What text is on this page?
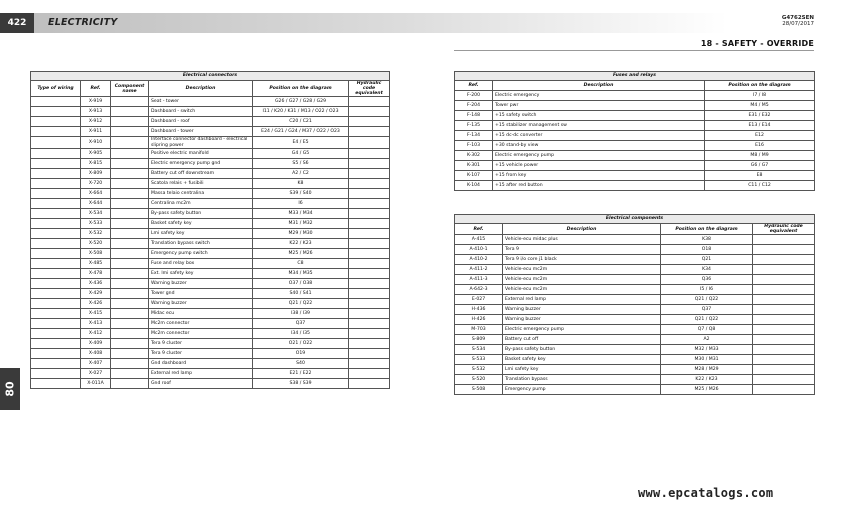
422	ELECTRICITY	G4762SEN
28/07/2017
18 - SAFETY - OVERRIDE
80
Electrical connectors					
Type of wiring	Ref.	Component name	Description	Position on the diagram	Hydraulic code equivalent
	X-919		Seat - tower	G26 / G27 / G28 / G29	
	X-913		Dashboard - switch	I11 / K20 / K31 / M13 / O22 / O23	
	X-912		Dashboard - roof	C20 / C21	
	X-911		Dashboard - tower	E24 / G21 / G24 / M37 / O22 / O23	
	X-910		Interface connector dashboard - electrical slipring power	E4 / E5	
	X-905		Positive electric manifold	G4 / G5	
	X-815		Electric emergency pump gnd	S5 / S6	
	X-809		Battery cut off downstream	A2 / C2	
	X-720		Scatola relais + fusibili	K8	
	X-664		Massa telaio centralina	S39 / S40	
	X-644		Centralina mc2m	I6	
	X-534		By-pass safety button	M33 / M34	
	X-533		Basket safety key	M31 / M32	
	X-532		Lmi safety key	M29 / M30	
	X-520		Translation bypass switch	K22 / K23	
	X-508		Emergency pump switch	M25 / M26	
	X-485		Fuse and relay box	C8	
	X-478		Ext. lmi safety key	M34 / M35	
	X-436		Warning buzzer	O37 / O38	
	X-429		Tower gnd	S40 / S41	
	X-426		Warning buzzer	Q21 / Q22	
	X-415		Midac ecu	I38 / I39	
	X-413		Mc2m connector	Q37	
	X-412		Mc2m connector	I34 / I35	
	X-409		Tera 9 cluster	O21 / O22	
	X-408		Tera 9 cluster	O19	
	X-407		Gnd dashboard	S40	
	X-027		External red lamp	E21 / E22	
	X-011A		Gnd roof	S38 / S39	
Fuses and relays		
Ref.	Description	Position on the diagram
F-200	Electric emergency	I7 / I8
F-204	Tower pwr	M4 / M5
F-148	+15 safety switch	E31 / E32
F-135	+15 stabilizer management sw	E13 / E14
F-134	+15 dc-dc converter	E12
F-103	+30 stand-by view	E16
K-302	Electric emergency pump	M8 / M9
K-301	+15 vehicle power	G6 / G7
K-107	+15 from key	E8
K-104	+15 after red button	C11 / C12
Electrical components			
Ref.	Description	Position on the diagram	Hydraulic code equivalent
A-415	Vehicle-ecu midac plus	K38	
A-410-1	Tera 9	O18	
A-410-2	Tera 9 i/o core j1 black	Q21	
A-411-2	Vehicle-ecu mc2m	K34	
A-411-3	Vehicle-ecu mc2m	Q36	
A-642-3	Vehicle-ecu mc2m	I5 / I6	
E-027	External red lamp	Q21 / Q22	
H-436	Warning buzzer	Q37	
H-426	Warning buzzer	Q21 / Q22	
M-703	Electric emergency pump	Q7 / Q8	
S-809	Battery cut off	A2	
S-534	By-pass safety button	M32 / M33	
S-533	Basket safety key	M30 / M31	
S-532	Lmi safety key	M28 / M29	
S-520	Translation bypass	K22 / K23	
S-508	Emergency pump	M25 / M26	
www.epcatalogs.com
